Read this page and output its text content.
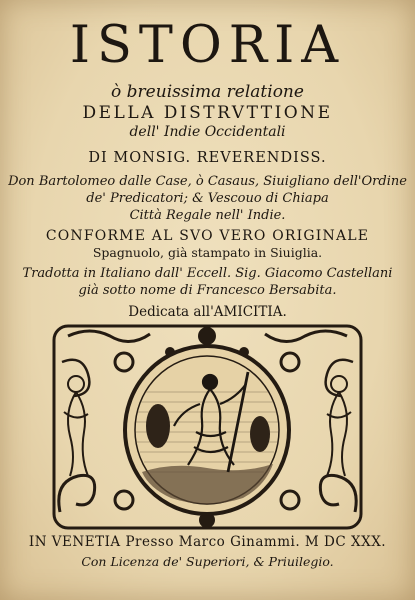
ISTORIA
ò breuissima relatione
DELLA DISTRVTTIONE
dell' Indie Occidentali
DI MONSIG. REVERENDISS.
Don Bartolomeo dalle Case, ò Casaus, Siuigliano dell'Ordine
de' Predicatori; & Vescouo di Chiapa
Città Regale nell' Indie.
CONFORME AL SVO VERO ORIGINALE
Spagnuolo, già stampato in Siuiglia.
Tradotta in Italiano dall' Eccell. Sig. Giacomo Castellani
già sotto nome di Francesco Bersabita.
Dedicata all'AMICITIA.
IN VENETIA Presso Marco Ginammi. M DC XXX.
Con Licenza de' Superiori, & Priuilegio.
